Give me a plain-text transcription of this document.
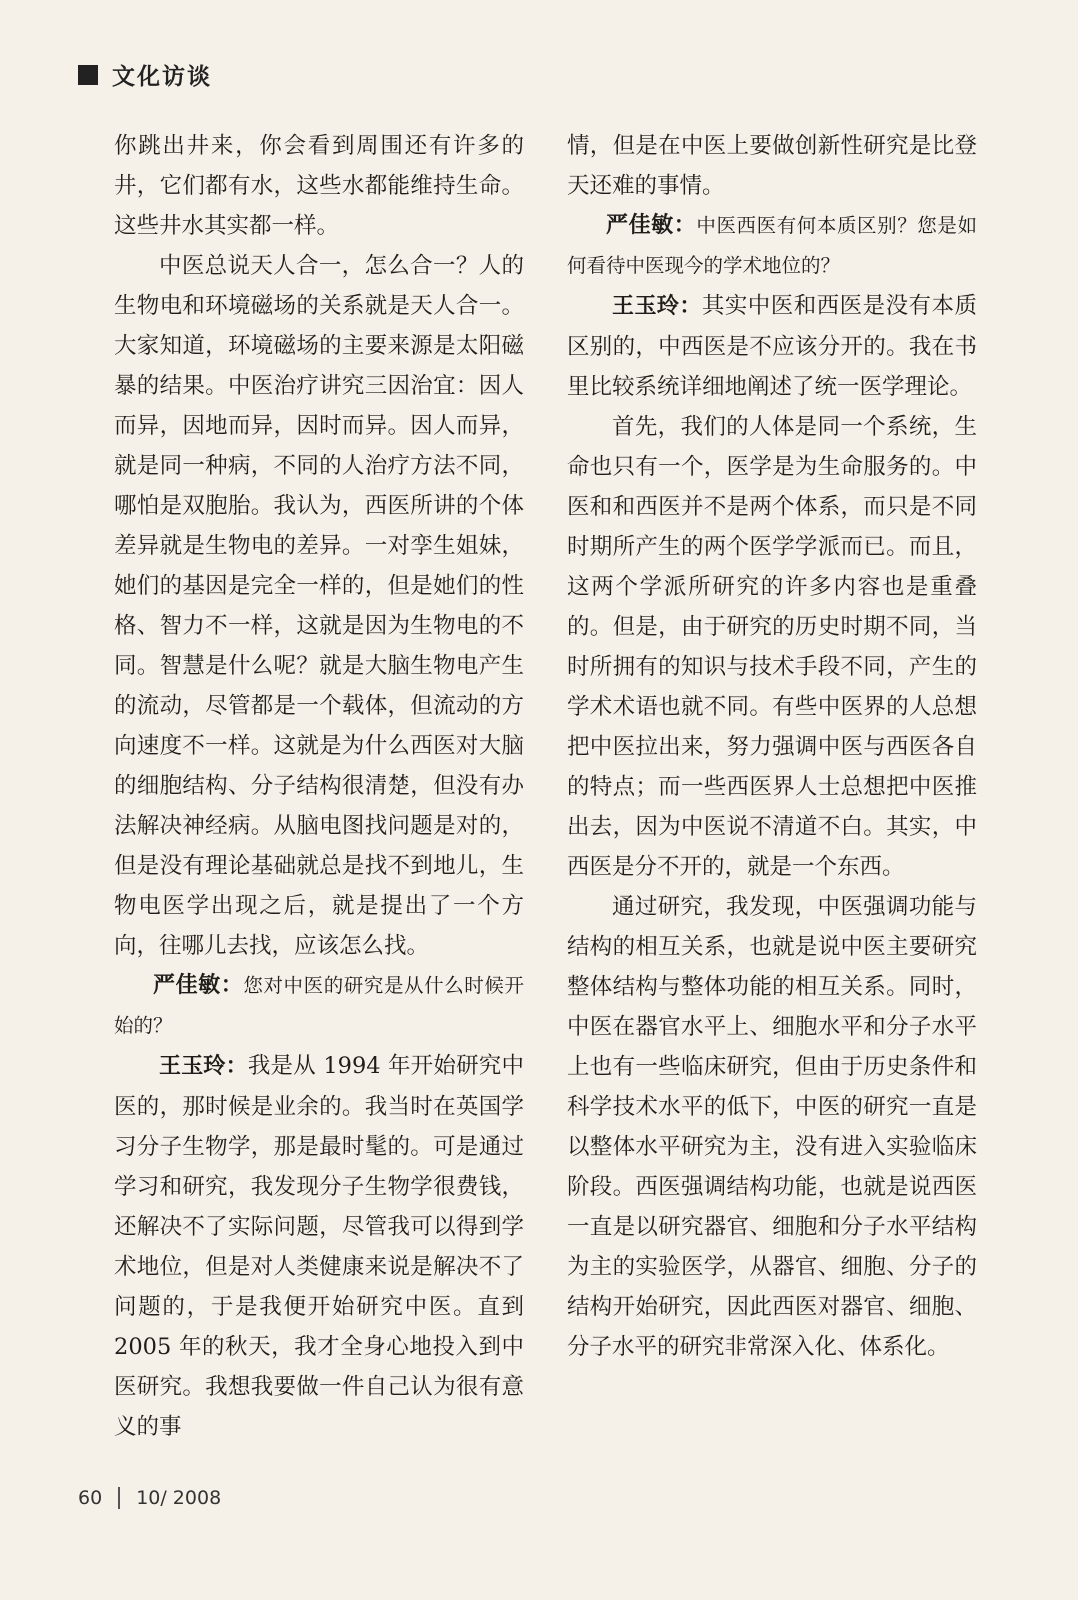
文化访谈

你跳出井来，你会看到周围还有许多的井，它们都有水，这些水都能维持生命。这些井水其实都一样。

中医总说天人合一，怎么合一？人的生物电和环境磁场的关系就是天人合一。大家知道，环境磁场的主要来源是太阳磁暴的结果。中医治疗讲究三因治宜：因人而异，因地而异，因时而异。因人而异，就是同一种病，不同的人治疗方法不同，哪怕是双胞胎。我认为，西医所讲的个体差异就是生物电的差异。一对孪生姐妹，她们的基因是完全一样的，但是她们的性格、智力不一样，这就是因为生物电的不同。智慧是什么呢？就是大脑生物电产生的流动，尽管都是一个载体，但流动的方向速度不一样。这就是为什么西医对大脑的细胞结构、分子结构很清楚，但没有办法解决神经病。从脑电图找问题是对的，但是没有理论基础就总是找不到地儿，生物电医学出现之后，就是提出了一个方向，往哪儿去找，应该怎么找。

严佳敏：您对中医的研究是从什么时候开始的？

王玉玲：我是从 1994 年开始研究中医的，那时候是业余的。我当时在英国学习分子生物学，那是最时髦的。可是通过学习和研究，我发现分子生物学很费钱，还解决不了实际问题，尽管我可以得到学术地位，但是对人类健康来说是解决不了问题的，于是我便开始研究中医。直到 2005 年的秋天，我才全身心地投入到中医研究。我想我要做一件自己认为很有意义的事

情，但是在中医上要做创新性研究是比登天还难的事情。

严佳敏：中医西医有何本质区别？您是如何看待中医现今的学术地位的？

王玉玲：其实中医和西医是没有本质区别的，中西医是不应该分开的。我在书里比较系统详细地阐述了统一医学理论。

首先，我们的人体是同一个系统，生命也只有一个，医学是为生命服务的。中医和和西医并不是两个体系，而只是不同时期所产生的两个医学学派而已。而且，这两个学派所研究的许多内容也是重叠的。但是，由于研究的历史时期不同，当时所拥有的知识与技术手段不同，产生的学术术语也就不同。有些中医界的人总想把中医拉出来，努力强调中医与西医各自的特点；而一些西医界人士总想把中医推出去，因为中医说不清道不白。其实，中西医是分不开的，就是一个东西。

通过研究，我发现，中医强调功能与结构的相互关系，也就是说中医主要研究整体结构与整体功能的相互关系。同时，中医在器官水平上、细胞水平和分子水平上也有一些临床研究，但由于历史条件和科学技术水平的低下，中医的研究一直是以整体水平研究为主，没有进入实验临床阶段。西医强调结构功能，也就是说西医一直是以研究器官、细胞和分子水平结构为主的实验医学，从器官、细胞、分子的结构开始研究，因此西医对器官、细胞、分子水平的研究非常深入化、体系化。

60 10/ 2008
